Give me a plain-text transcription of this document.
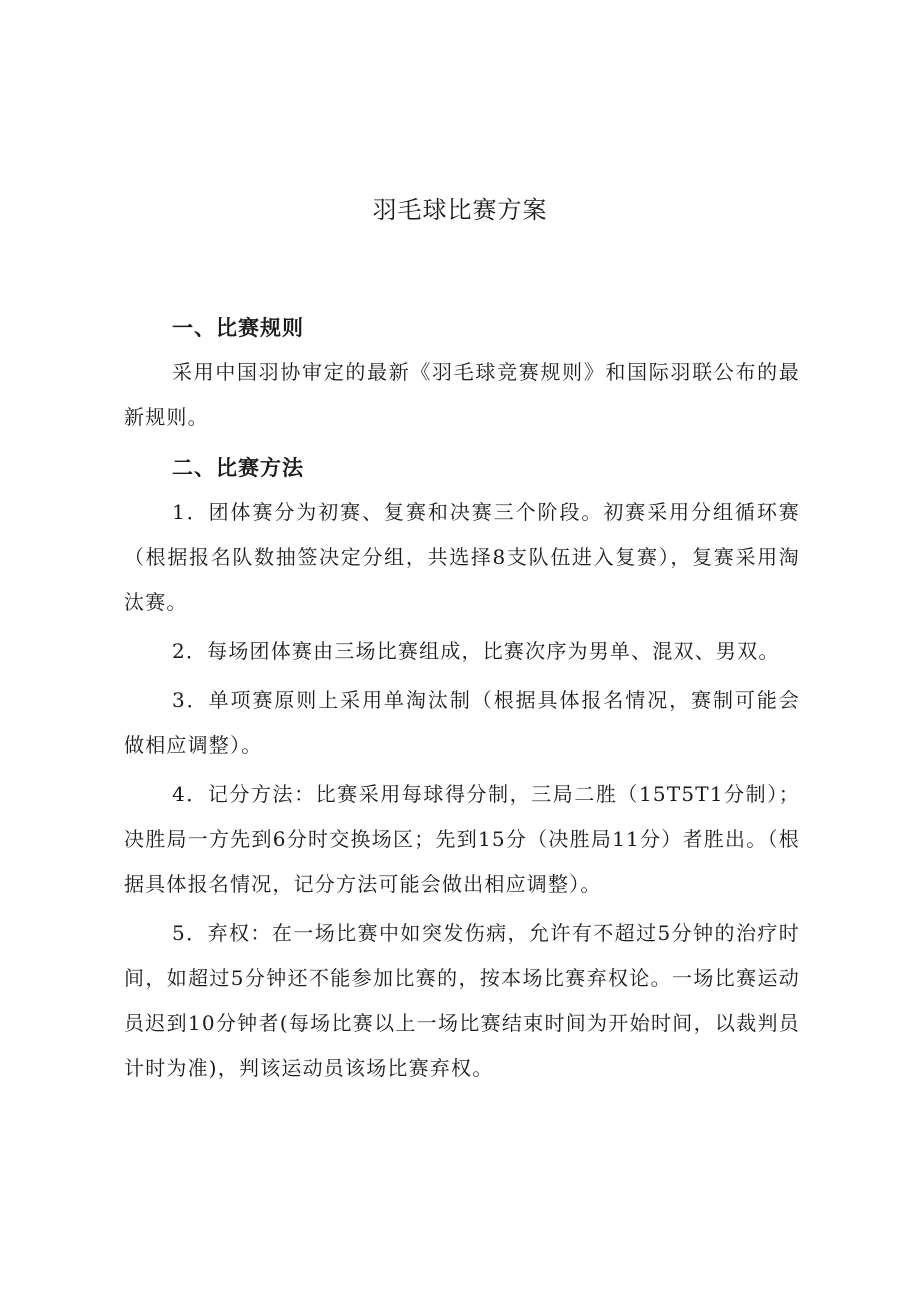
羽毛球比赛方案
一、比赛规则

采用中国羽协审定的最新《羽毛球竞赛规则》和国际羽联公布的最新规则。

二、比赛方法

1．团体赛分为初赛、复赛和决赛三个阶段。初赛采用分组循环赛（根据报名队数抽签决定分组，共选择8支队伍进入复赛），复赛采用淘汰赛。

2．每场团体赛由三场比赛组成，比赛次序为男单、混双、男双。

3．单项赛原则上采用单淘汰制（根据具体报名情况，赛制可能会做相应调整）。

4．记分方法：比赛采用每球得分制，三局二胜（15T5T1分制）；决胜局一方先到6分时交换场区；先到15分（决胜局11分）者胜出。（根据具体报名情况，记分方法可能会做出相应调整）。

5．弃权：在一场比赛中如突发伤病，允许有不超过5分钟的治疗时间，如超过5分钟还不能参加比赛的，按本场比赛弃权论。一场比赛运动员迟到10分钟者(每场比赛以上一场比赛结束时间为开始时间，以裁判员计时为准)，判该运动员该场比赛弃权。
